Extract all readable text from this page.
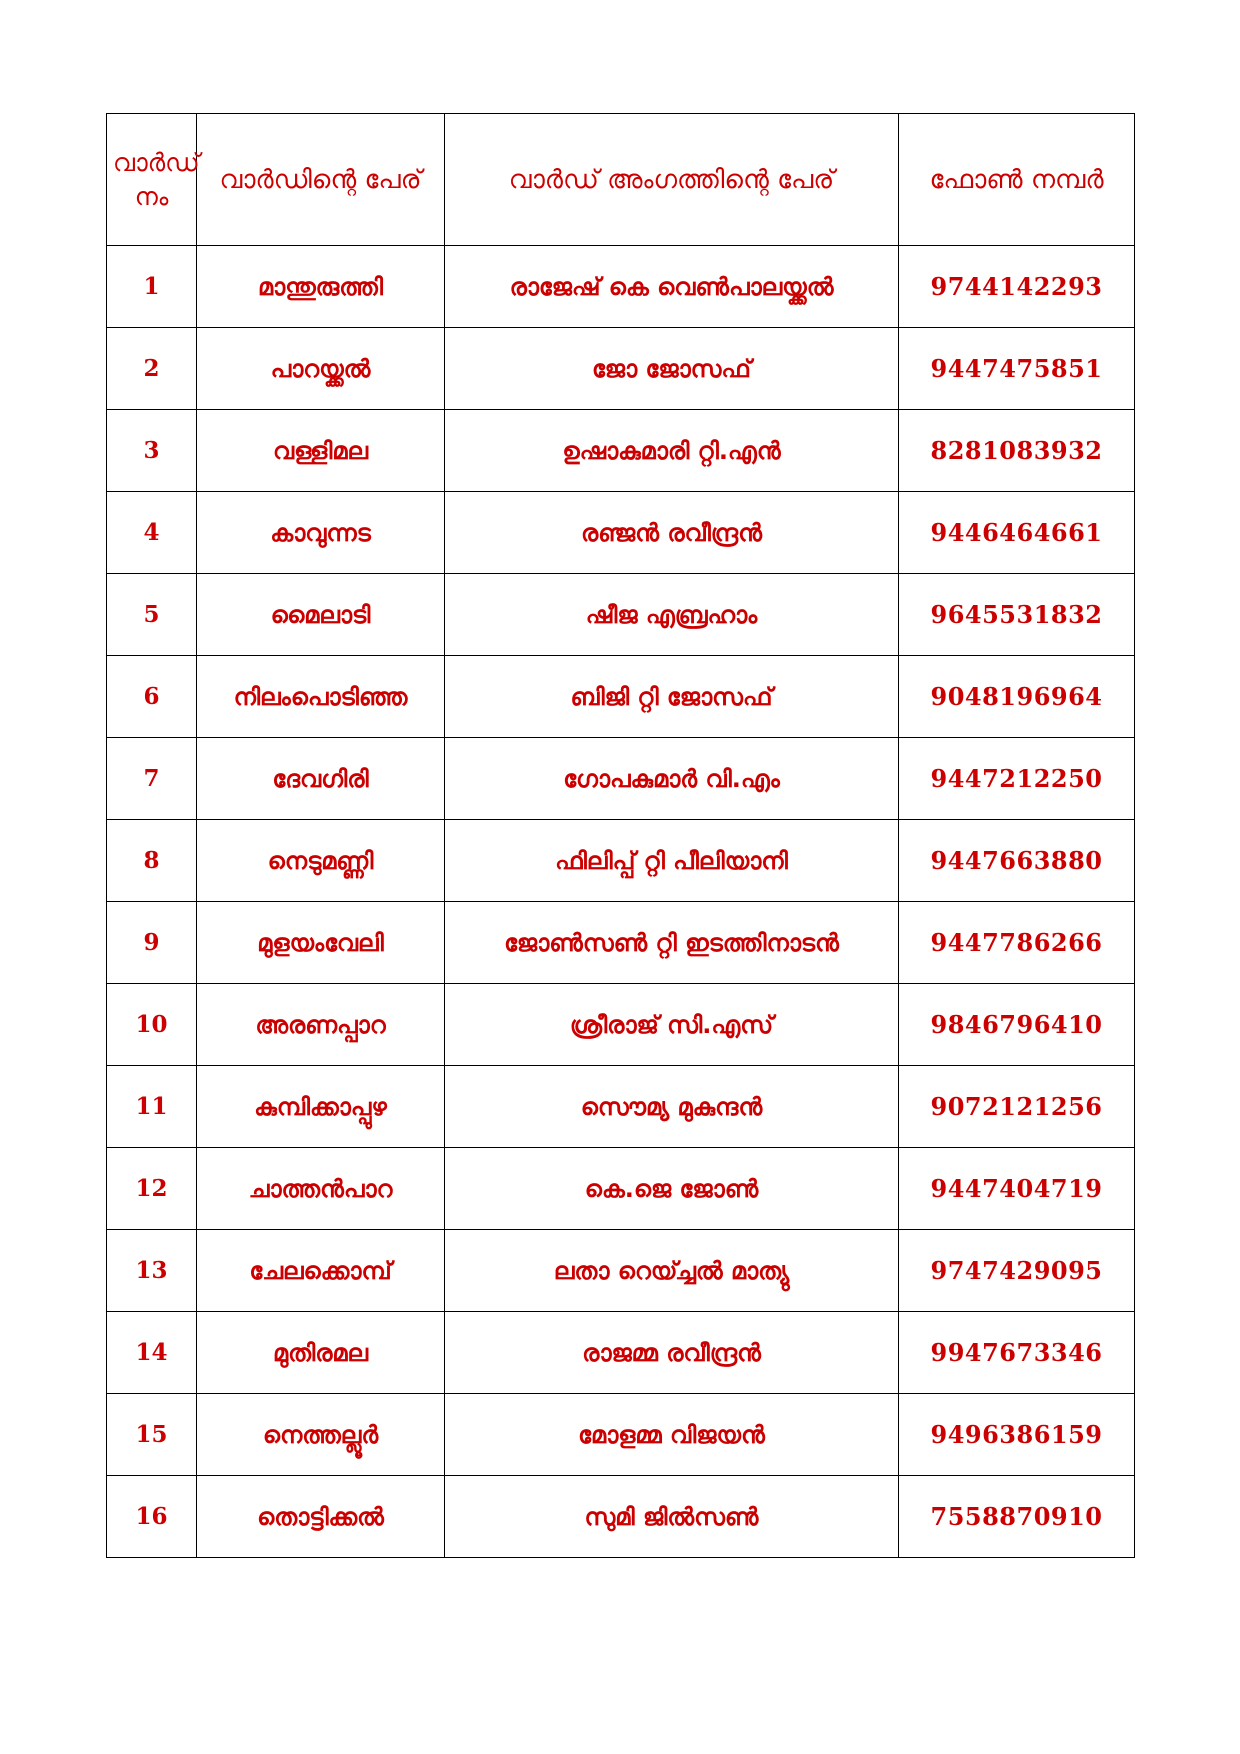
വാർഡ് നം	വാർഡിന്റെ പേര്	വാർഡ് അംഗത്തിന്റെ പേര്	ഫോൺ നമ്പർ
1	മാന്തുരുത്തി	രാജേഷ് കെ വെൺപാലയ്ക്കൽ	9744142293
2	പാറയ്ക്കൽ	ജോ ജോസഫ്	9447475851
3	വള്ളിമല	ഉഷാകുമാരി റ്റി.എൻ	8281083932
4	കാവുന്നട	രഞ്ജൻ രവീന്ദ്രൻ	9446464661
5	മൈലാടി	ഷീജ എബ്രഹാം	9645531832
6	നിലംപൊടിഞ്ഞ	ബിജി റ്റി ജോസഫ്	9048196964
7	ദേവഗിരി	ഗോപകുമാർ വി.എം	9447212250
8	നെടുമണ്ണി	ഫിലിപ്പ് റ്റി പീലിയാനി	9447663880
9	മുളയംവേലി	ജോൺസൺ റ്റി ഇടത്തിനാടൻ	9447786266
10	അരണപ്പാറ	ശ്രീരാജ് സി.എസ്	9846796410
11	കുമ്പിക്കാപ്പുഴ	സൌമ്യ മുകുന്ദൻ	9072121256
12	ചാത്തൻപാറ	കെ.ജെ ജോൺ	9447404719
13	ചേലക്കൊമ്പ്	ലതാ റെയ്ച്ചൽ മാത്യു	9747429095
14	മുതിരമല	രാജമ്മ രവീന്ദ്രൻ	9947673346
15	നെത്തല്ലൂർ	മോളമ്മ വിജയൻ	9496386159
16	തൊട്ടിക്കൽ	സുമി ജിൽസൺ	7558870910
